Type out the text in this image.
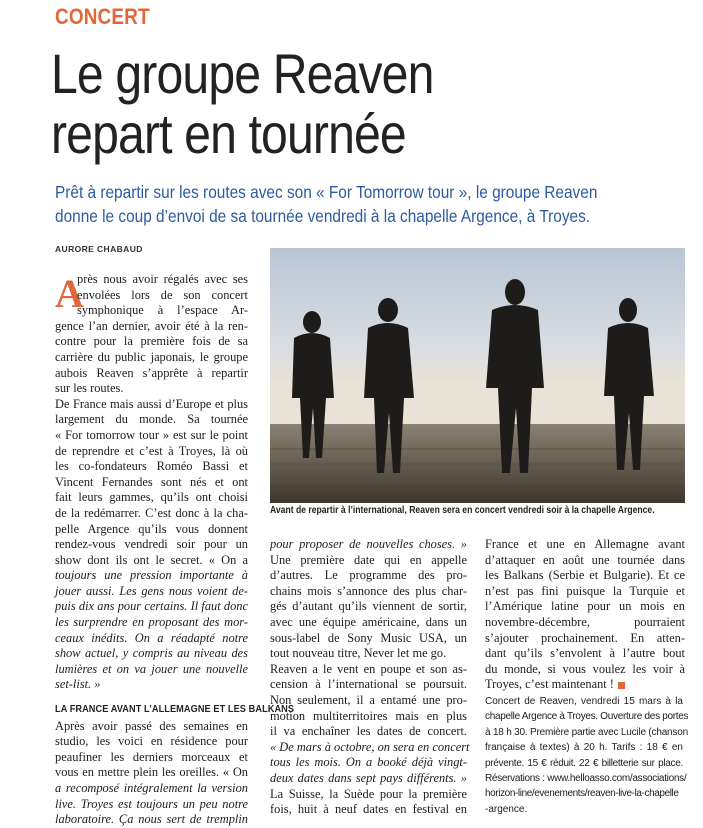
CONCERT
Le groupe Reaven
repart en tournée
Prêt à repartir sur les routes avec son « For Tomorrow tour », le groupe Reaven
donne le coup d’envoi de sa tournée vendredi à la chapelle Argence, à Troyes.
AURORE CHABAUD
Avant de repartir à l’international, Reaven sera en concert vendredi soir à la chapelle Argence.
A

près nous avoir régalés avec ses
envolées lors de son concert
symphonique à l’espace Ar-
gence l’an dernier, avoir été à la ren-
contre pour la première fois de sa
carrière du public japonais, le groupe
aubois Reaven s’apprête à repartir
sur les routes.

De France mais aussi d’Europe et plus
largement du monde. Sa tournée
« For tomorrow tour » est sur le point
de reprendre et c’est à Troyes, là où
les co-fondateurs Roméo Bassi et
Vincent Fernandes sont nés et ont
fait leurs gammes, qu’ils ont choisi
de la redémarrer. C’est donc à la cha-
pelle Argence qu’ils vous donnent
rendez-vous vendredi soir pour un
show dont ils ont le secret. « On a
toujours une pression importante à
jouer aussi. Les gens nous voient de-
puis dix ans pour certains. Il faut donc
les surprendre en proposant des mor-
ceaux inédits. On a réadapté notre
show actuel, y compris au niveau des
lumières et on va jouer une nouvelle
set-list. »

LA FRANCE AVANT L’ALLEMAGNE ET LES BALKANS

Après avoir passé des semaines en
studio, les voici en résidence pour
peaufiner les derniers morceaux et
vous en mettre plein les oreilles. « On
a recomposé intégralement la version
live. Troyes est toujours un peu notre
laboratoire. Ça nous sert de tremplin

pour proposer de nouvelles choses. »
Une première date qui en appelle
d’autres. Le programme des pro-
chains mois s’annonce des plus char-
gés d’autant qu’ils viennent de sortir,
avec une équipe américaine, dans un
sous-label de Sony Music USA, un
tout nouveau titre, Never let me go.

Reaven a le vent en poupe et son as-
cension à l’international se poursuit.
Non seulement, il a entamé une pro-
motion multiterritoires mais en plus
il va enchaîner les dates de concert.
« De mars à octobre, on sera en concert
tous les mois. On a booké déjà vingt-
deux dates dans sept pays différents. »
La Suisse, la Suède pour la première
fois, huit à neuf dates en festival en

France et une en Allemagne avant
d’attaquer en août une tournée dans
les Balkans (Serbie et Bulgarie). Et ce
n’est pas fini puisque la Turquie et
l’Amérique latine pour un mois en
novembre-décembre, pourraient
s’ajouter prochainement. En atten-
dant qu’ils s’envolent à l’autre bout
du monde, si vous voulez les voir à
Troyes, c’est maintenant !

Concert de Reaven, vendredi 15 mars à la
chapelle Argence à Troyes. Ouverture des portes
à 18 h 30. Première partie avec Lucile (chanson
française à textes) à 20 h. Tarifs : 18 € en
prévente. 15 € réduit. 22 € billetterie sur place.
Réservations : www.helloasso.com/associations/
horizon-line/evenements/reaven-live-la-chapelle
-argence.
